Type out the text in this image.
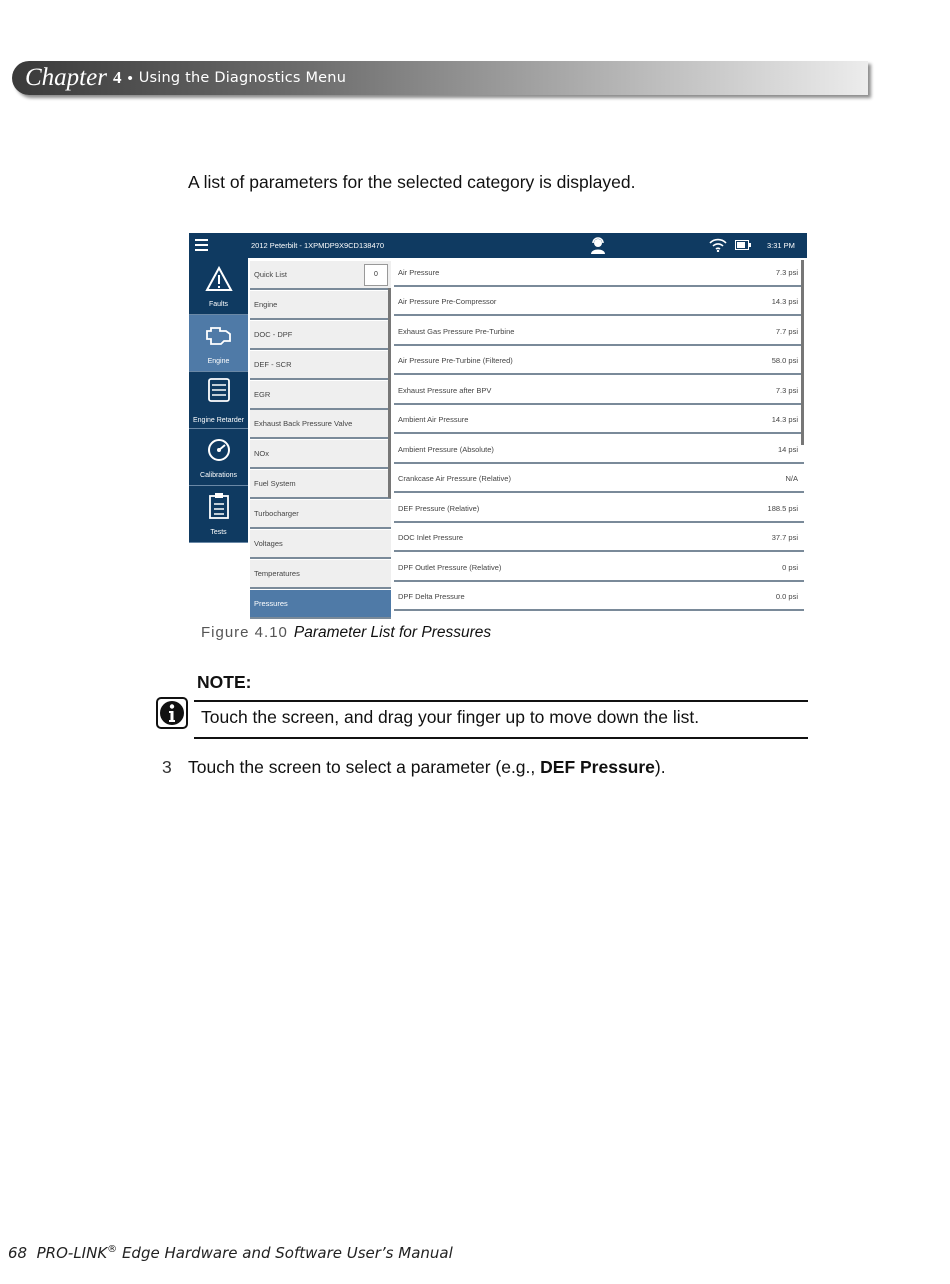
Chapter 4 • Using the Diagnostics Menu
A list of parameters for the selected category is displayed.
2012 Peterbilt - 1XPMDP9X9CD138470	3:31 PM
Faults
Engine
Engine Retarder
Calibrations
Tests
Quick List	0
Engine
DOC - DPF
DEF - SCR
EGR
Exhaust Back Pressure Valve
NOx
Fuel System
Turbocharger
Voltages
Temperatures
Pressures
Air Pressure	7.3 psi
Air Pressure Pre-Compressor	14.3 psi
Exhaust Gas Pressure Pre-Turbine	7.7 psi
Air Pressure Pre-Turbine (Filtered)	58.0 psi
Exhaust Pressure after BPV	7.3 psi
Ambient Air Pressure	14.3 psi
Ambient Pressure (Absolute)	14 psi
Crankcase Air Pressure (Relative)	N/A
DEF Pressure (Relative)	188.5 psi
DOC Inlet Pressure	37.7 psi
DPF Outlet Pressure (Relative)	0 psi
DPF Delta Pressure	0.0 psi
Figure 4.10 Parameter List for Pressures
NOTE:
Touch the screen, and drag your finger up to move down the list.
3 Touch the screen to select a parameter (e.g., DEF Pressure).
68 PRO-LINK® Edge Hardware and Software User’s Manual
